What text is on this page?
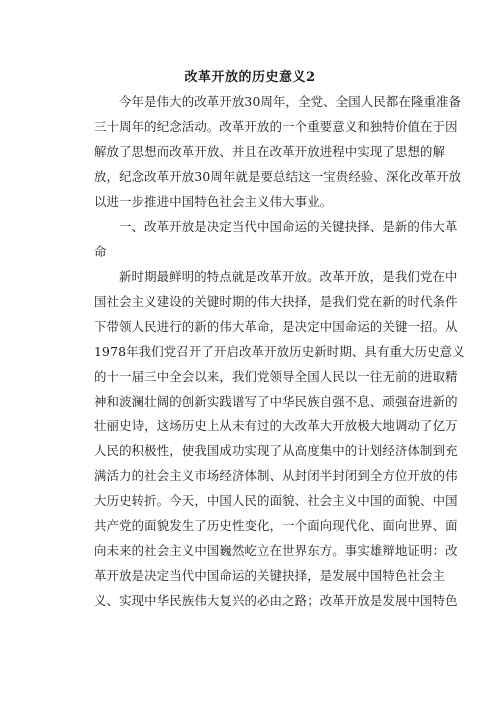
改革开放的历史意义2
今年是伟大的改革开放30周年，全党、全国人民都在隆重准备
三十周年的纪念活动。改革开放的一个重要意义和独特价值在于因
解放了思想而改革开放、并且在改革开放进程中实现了思想的解
放，纪念改革开放30周年就是要总结这一宝贵经验、深化改革开放
以进一步推进中国特色社会主义伟大事业。
一、改革开放是决定当代中国命运的关键抉择、是新的伟大革
命
新时期最鲜明的特点就是改革开放。改革开放，是我们党在中
国社会主义建设的关键时期的伟大抉择，是我们党在新的时代条件
下带领人民进行的新的伟大革命，是决定中国命运的关键一招。从
1978年我们党召开了开启改革开放历史新时期、具有重大历史意义
的十一届三中全会以来，我们党领导全国人民以一往无前的进取精
神和波澜壮阔的创新实践谱写了中华民族自强不息、顽强奋进新的
壮丽史诗，这场历史上从未有过的大改革大开放极大地调动了亿万
人民的积极性，使我国成功实现了从高度集中的计划经济体制到充
满活力的社会主义市场经济体制、从封闭半封闭到全方位开放的伟
大历史转折。今天，中国人民的面貌、社会主义中国的面貌、中国
共产党的面貌发生了历史性变化，一个面向现代化、面向世界、面
向未来的社会主义中国巍然屹立在世界东方。事实雄辩地证明：改
革开放是决定当代中国命运的关键抉择，是发展中国特色社会主
义、实现中华民族伟大复兴的必由之路；改革开放是发展中国特色
